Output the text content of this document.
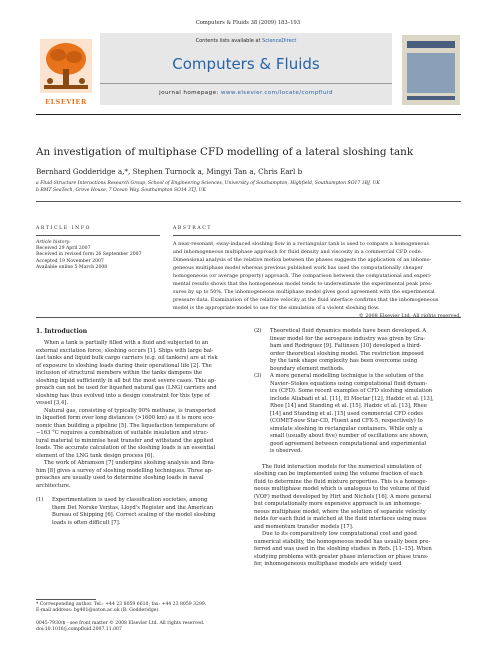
Computers & Fluids 38 (2009) 183–193
ELSEVIER
Contents lists available at ScienceDirect
Computers & Fluids
journal homepage: www.elsevier.com/locate/compfluid
An investigation of multiphase CFD modelling of a lateral sloshing tank
Bernhard Godderidge a,*, Stephen Turnock a, Mingyi Tan a, Chris Earl b
a Fluid-Structure Interactions Research Group, School of Engineering Sciences, University of Southampton, Highfield, Southampton SO17 1BJ, UK
b BMT SeaTech, Grove House, 7 Ocean Way, Southampton SO14 3TJ, UK
ARTICLE INFO
Article history:
Received 29 April 2007
Received in revised form 26 September 2007
Accepted 19 November 2007
Available online 5 March 2008
ABSTRACT
A near-resonant, sway-induced sloshing flow in a rectangular tank is used to compare a homogeneous
and inhomogeneous multiphase approach for fluid density and viscosity in a commercial CFD code.
Dimensional analysis of the relative motion between the phases suggests the application of an inhomo-
geneous multiphase model whereas previous published work has used the computationally cheaper
homogeneous (or average property) approach. The comparison between the computational and experi-
mental results shows that the homogeneous model tends to underestimate the experimental peak pres-
sures by up to 50%. The inhomogeneous multiphase model gives good agreement with the experimental
pressure data. Examination of the relative velocity at the fluid interface confirms that the inhomogeneous
model is the appropriate model to use for the simulation of a violent sloshing flow.
© 2008 Elsevier Ltd. All rights reserved.
1. Introduction
When a tank is partially filled with a fluid and subjected to an
external excitation force, sloshing occurs [1]. Ships with large bal-
last tanks and liquid bulk cargo carriers (e.g. oil tankers) are at risk
of exposure to sloshing loads during their operational life [2]. The
inclusion of structural members within the tanks dampens the
sloshing liquid sufficiently in all but the most severe cases. This ap-
proach can not be used for liquefied natural gas (LNG) carriers and
sloshing has thus evolved into a design constraint for this type of
vessel [3,4].
Natural gas, consisting of typically 90% methane, is transported
in liquefied form over long distances (>1600 km) as it is more eco-
nomic than building a pipeline [5]. The liquefaction temperature of
−163 °C requires a combination of suitable insulation and struc-
tural material to minimise heat transfer and withstand the applied
loads. The accurate calculation of the sloshing loads is an essential
element of the LNG tank design process [6].
The work of Abramson [7] underpins sloshing analysis and Ibra-
him [8] gives a survey of sloshing modelling techniques. Three ap-
proaches are usually used to determine sloshing loads in naval
architecture.
(1) Experimentation is used by classification societies, among
them Det Norske Veritas, Lloyd's Register and the American
Bureau of Shipping [6]. Correct scaling of the model sloshing
loads is often difficult [7].
(2) Theoretical fluid dynamics models have been developed. A
linear model for the aerospace industry was given by Gra-
ham and Rodriguez [9]. Faltinsen [10] developed a third-
order theoretical sloshing model. The restriction imposed
by the tank shape complexity has been overcome using
boundary element methods.
(3) A more general modelling technique is the solution of the
Navier–Stokes equations using computational fluid dynam-
ics (CFD). Some recent examples of CFD sloshing simulation
include Aliabadi et al. [11], El Moctar [12], Hadzic et al. [13],
Rhee [14] and Standing et al. [15]. Hadzic et al. [13], Rhee
[14] and Standing et al. [15] used commercial CFD codes
(COMET-now Star-CD, Fluent and CFX-5, respectively) to
simulate sloshing in rectangular containers. While only a
small (usually about five) number of oscillations are shown,
good agreement between computational and experimental
is observed.
The fluid interaction models for the numerical simulation of
sloshing can be implemented using the volume fraction of each
fluid to determine the fluid mixture properties. This is a homoge-
neous multiphase model which is analogous to the volume of fluid
(VOF) method developed by Hirt and Nichols [16]. A more general
but computationally more expensive approach is an inhomoge-
neous multiphase model, where the solution of separate velocity
fields for each fluid is matched at the fluid interfaces using mass
and momentum transfer models [17].
Due to its comparatively low computational cost and good
numerical stability, the homogeneous model has usually been pre-
ferred and was used in the sloshing studies in Refs. [11–15]. When
studying problems with greater phase interaction or phase trans-
fer, inhomogeneous multiphase models are widely used
* Corresponding author. Tel.: +44 23 8059 6610; fax: +44 23 8059 3299.
E-mail address: bg401@soton.ac.uk (B. Godderidge).
0045-7930/$ - see front matter © 2008 Elsevier Ltd. All rights reserved.
doi:10.1016/j.compfluid.2007.11.007
